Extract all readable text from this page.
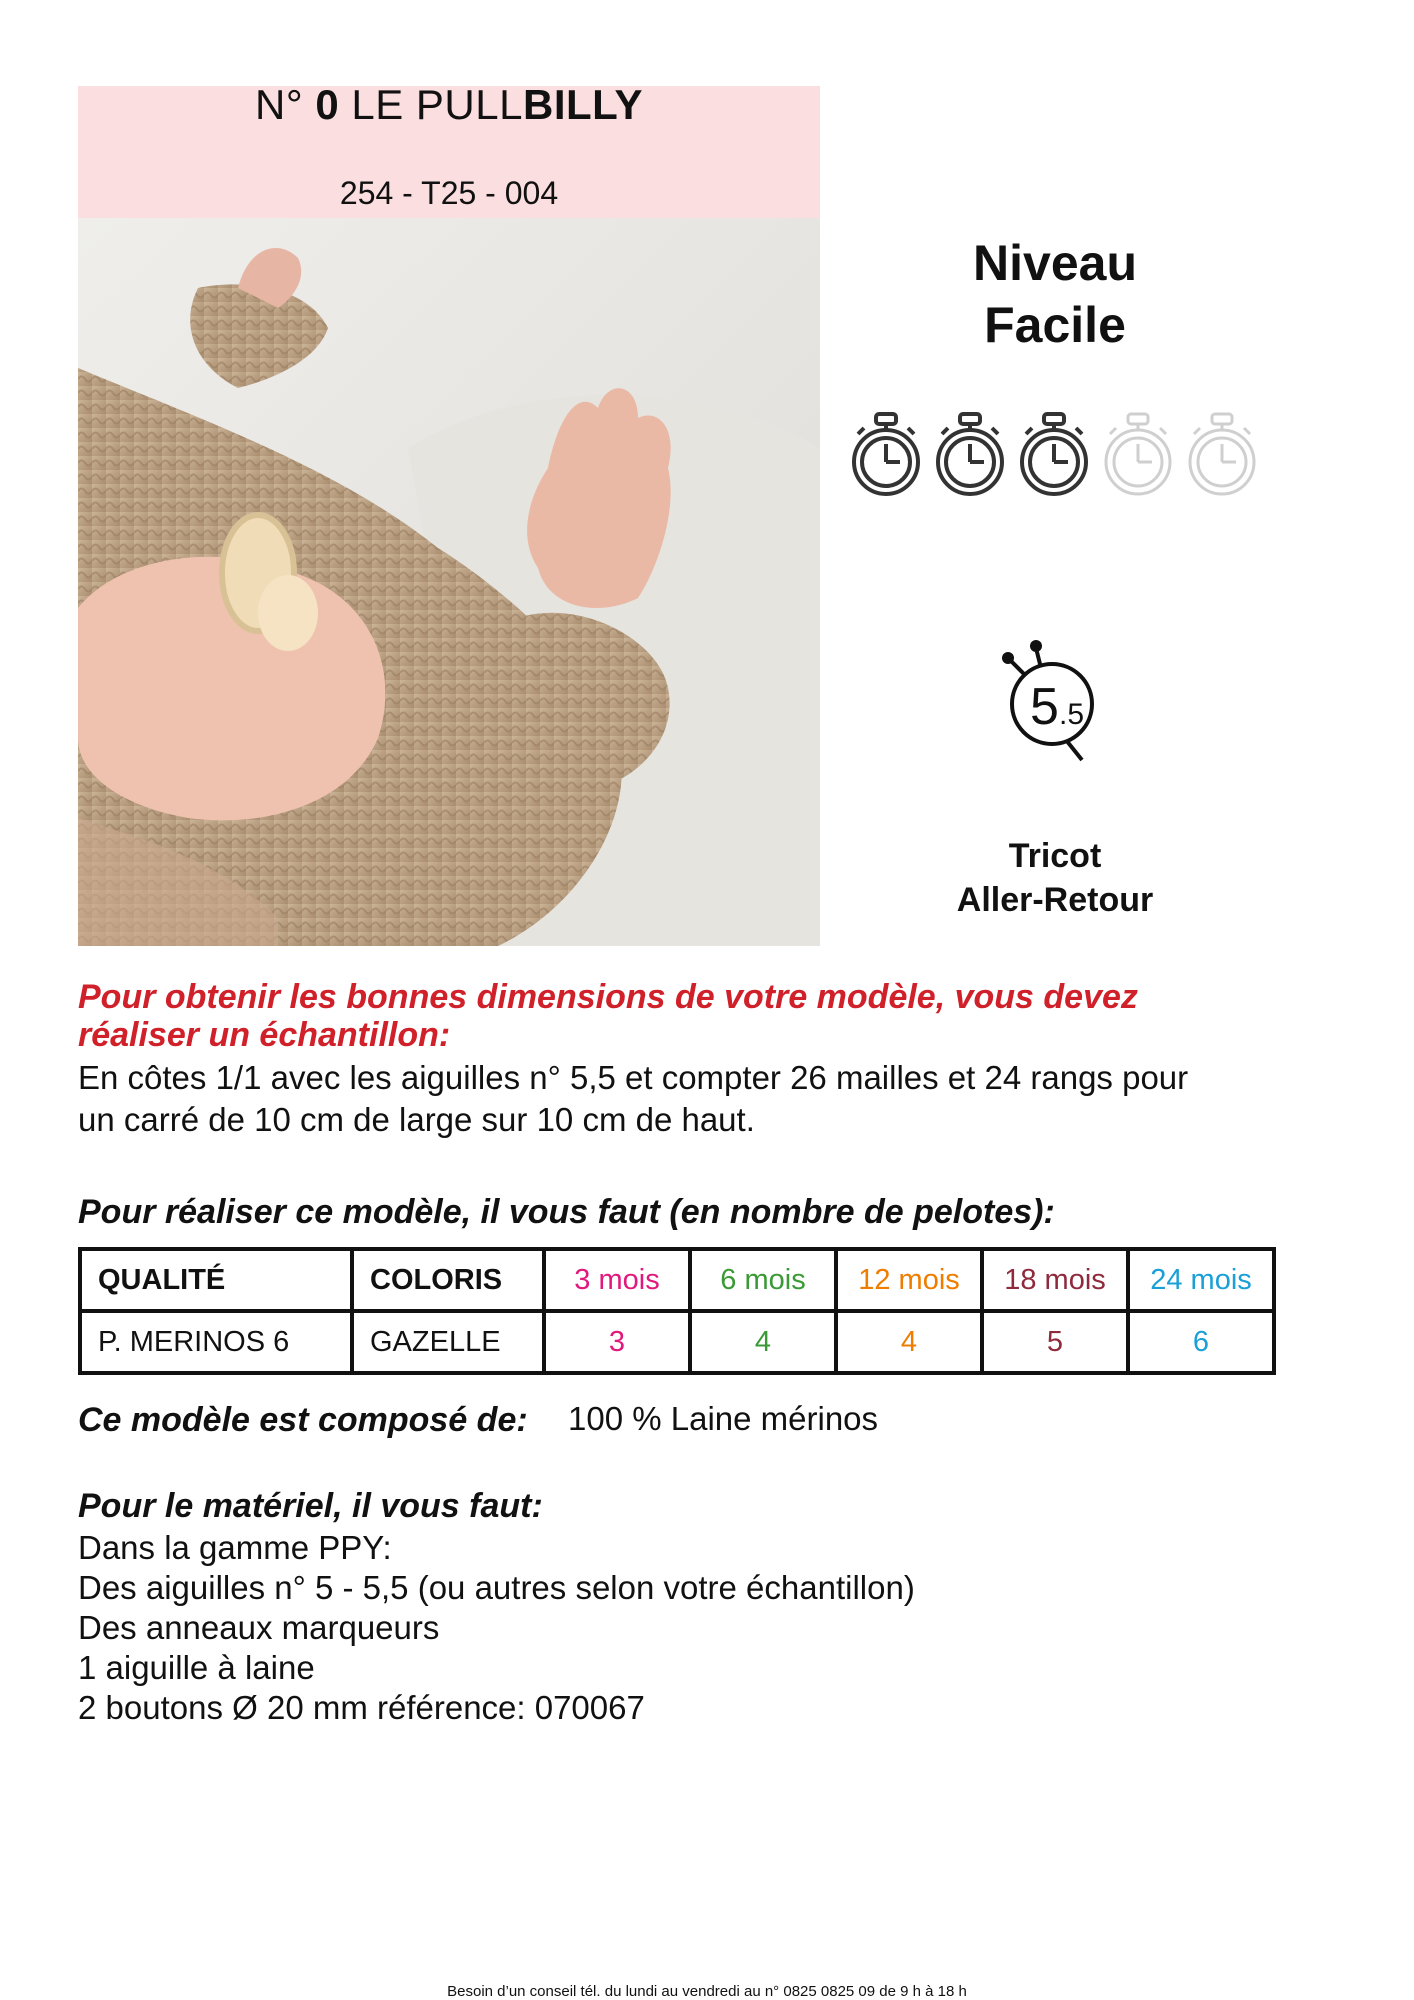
N° 0 LE PULLBILLY
254 - T25 - 004
Niveau
Facile
5 .5
Tricot
Aller-Retour
Pour obtenir les bonnes dimensions de votre modèle, vous devez
réaliser un échantillon:
En côtes 1/1 avec les aiguilles n° 5,5 et compter 26 mailles et 24 rangs pour
un carré de 10 cm de large sur 10 cm de haut.
Pour réaliser ce modèle, il vous faut (en nombre de pelotes):
QUALITÉ	COLORIS	3 mois	6 mois	12 mois	18 mois	24 mois
P. MERINOS 6	GAZELLE	3	4	4	5	6
Ce modèle est composé de: 100 % Laine mérinos
Pour le matériel, il vous faut:
Dans la gamme PPY:
Des aiguilles n° 5 - 5,5 (ou autres selon votre échantillon)
Des anneaux marqueurs
1 aiguille à laine
2 boutons Ø 20 mm référence: 070067
Besoin d’un conseil tél. du lundi au vendredi au n° 0825 0825 09 de 9 h à 18 h
